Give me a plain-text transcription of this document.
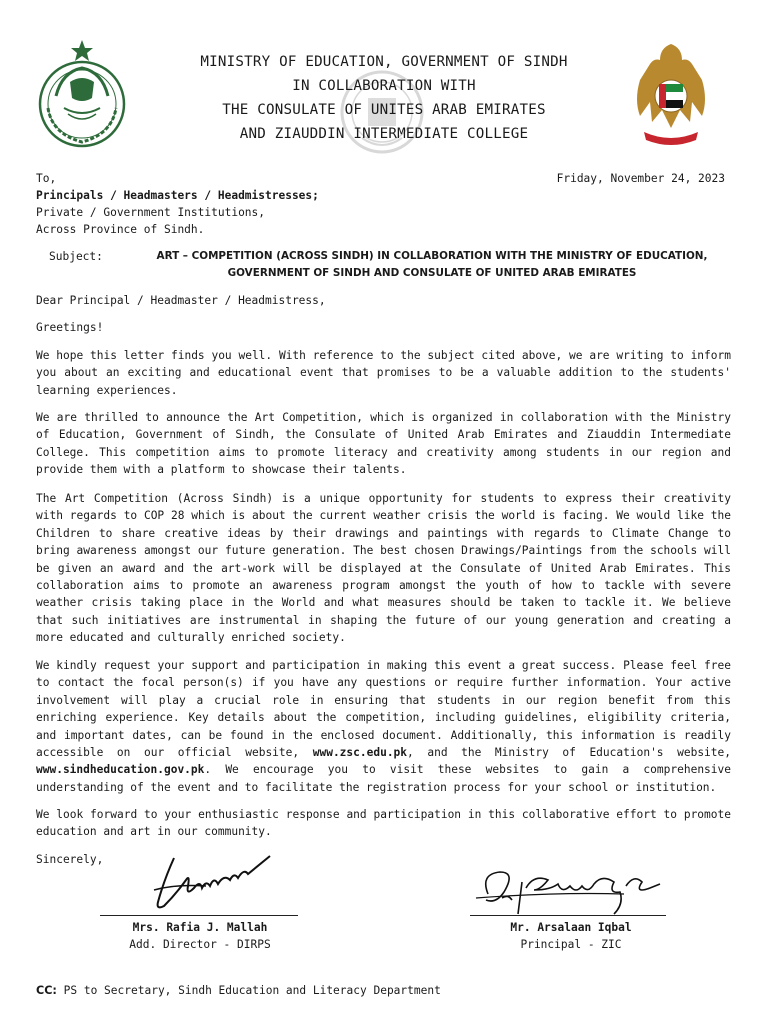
MINISTRY OF EDUCATION, GOVERNMENT OF SINDH
IN COLLABORATION WITH
THE CONSULATE OF UNITES ARAB EMIRATES
AND ZIAUDDIN INTERMEDIATE COLLEGE
To,	Friday, November 24, 2023
Principals / Headmasters / Headmistresses;
Private / Government Institutions,
Across Province of Sindh.
Subject:	ART – COMPETITION (ACROSS SINDH) IN COLLABORATION WITH THE MINISTRY OF EDUCATION,
GOVERNMENT OF SINDH AND CONSULATE OF UNITED ARAB EMIRATES
Dear Principal / Headmaster / Headmistress,
Greetings!
We hope this letter finds you well. With reference to the subject cited above, we are writing to inform you about an exciting and educational event that promises to be a valuable addition to the students' learning experiences.
We are thrilled to announce the Art Competition, which is organized in collaboration with the Ministry of Education, Government of Sindh, the Consulate of United Arab Emirates and Ziauddin Intermediate College. This competition aims to promote literacy and creativity among students in our region and provide them with a platform to showcase their talents.
The Art Competition (Across Sindh) is a unique opportunity for students to express their creativity with regards to COP 28 which is about the current weather crisis the world is facing. We would like the Children to share creative ideas by their drawings and paintings with regards to Climate Change to bring awareness amongst our future generation. The best chosen Drawings/Paintings from the schools will be given an award and the art-work will be displayed at the Consulate of United Arab Emirates. This collaboration aims to promote an awareness program amongst the youth of how to tackle with severe weather crisis taking place in the World and what measures should be taken to tackle it. We believe that such initiatives are instrumental in shaping the future of our young generation and creating a more educated and culturally enriched society.
We kindly request your support and participation in making this event a great success. Please feel free to contact the focal person(s) if you have any questions or require further information. Your active involvement will play a crucial role in ensuring that students in our region benefit from this enriching experience. Key details about the competition, including guidelines, eligibility criteria, and important dates, can be found in the enclosed document. Additionally, this information is readily accessible on our official website, www.zsc.edu.pk, and the Ministry of Education's website, www.sindheducation.gov.pk. We encourage you to visit these websites to gain a comprehensive understanding of the event and to facilitate the registration process for your school or institution.
We look forward to your enthusiastic response and participation in this collaborative effort to promote education and art in our community.
Sincerely,
Mrs. Rafia J. Mallah
Add. Director - DIRPS
Mr. Arsalaan Iqbal
Principal - ZIC
CC: PS to Secretary, Sindh Education and Literacy Department
